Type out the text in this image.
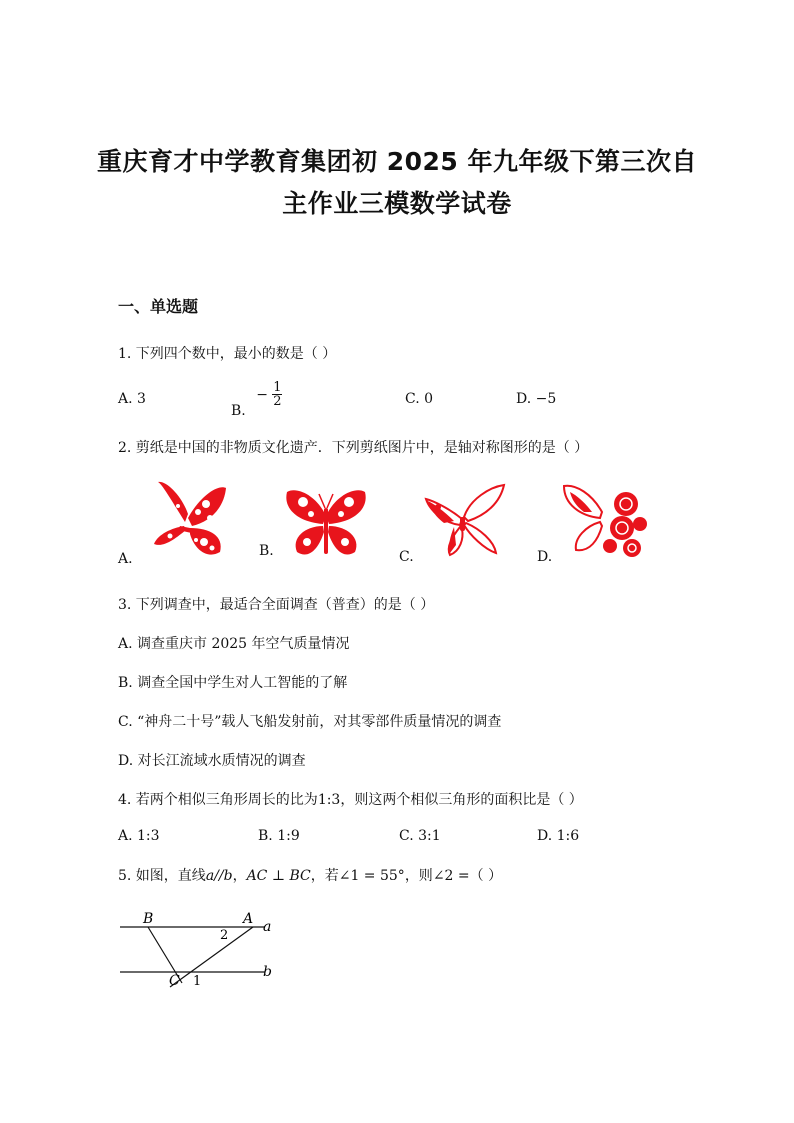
重庆育才中学教育集团初 2025 年九年级下第三次自
主作业三模数学试卷
一、单选题
1. 下列四个数中，最小的数是（ ）
A. 3
B. − $\frac{1}{2}$	C. 0	D. −5
2. 剪纸是中国的非物质文化遗产．下列剪纸图片中，是轴对称图形的是（ ）
A.	B.	C.	D.
3. 下列调查中，最适合全面调查（普查）的是（ ）
A. 调查重庆市 2025 年空气质量情况
B. 调查全国中学生对人工智能的了解
C. “神舟二十号”载人飞船发射前，对其零部件质量情况的调查
D. 对长江流域水质情况的调查
4. 若两个相似三角形周长的比为1:3，则这两个相似三角形的面积比是（ ）
A. 1:3	B. 1:9	C. 3:1	D. 1:6
5. 如图，直线a//b，AC ⊥ BC，若∠1 = 55°，则∠2 =（ ）
B	A a
b
C 1
2
